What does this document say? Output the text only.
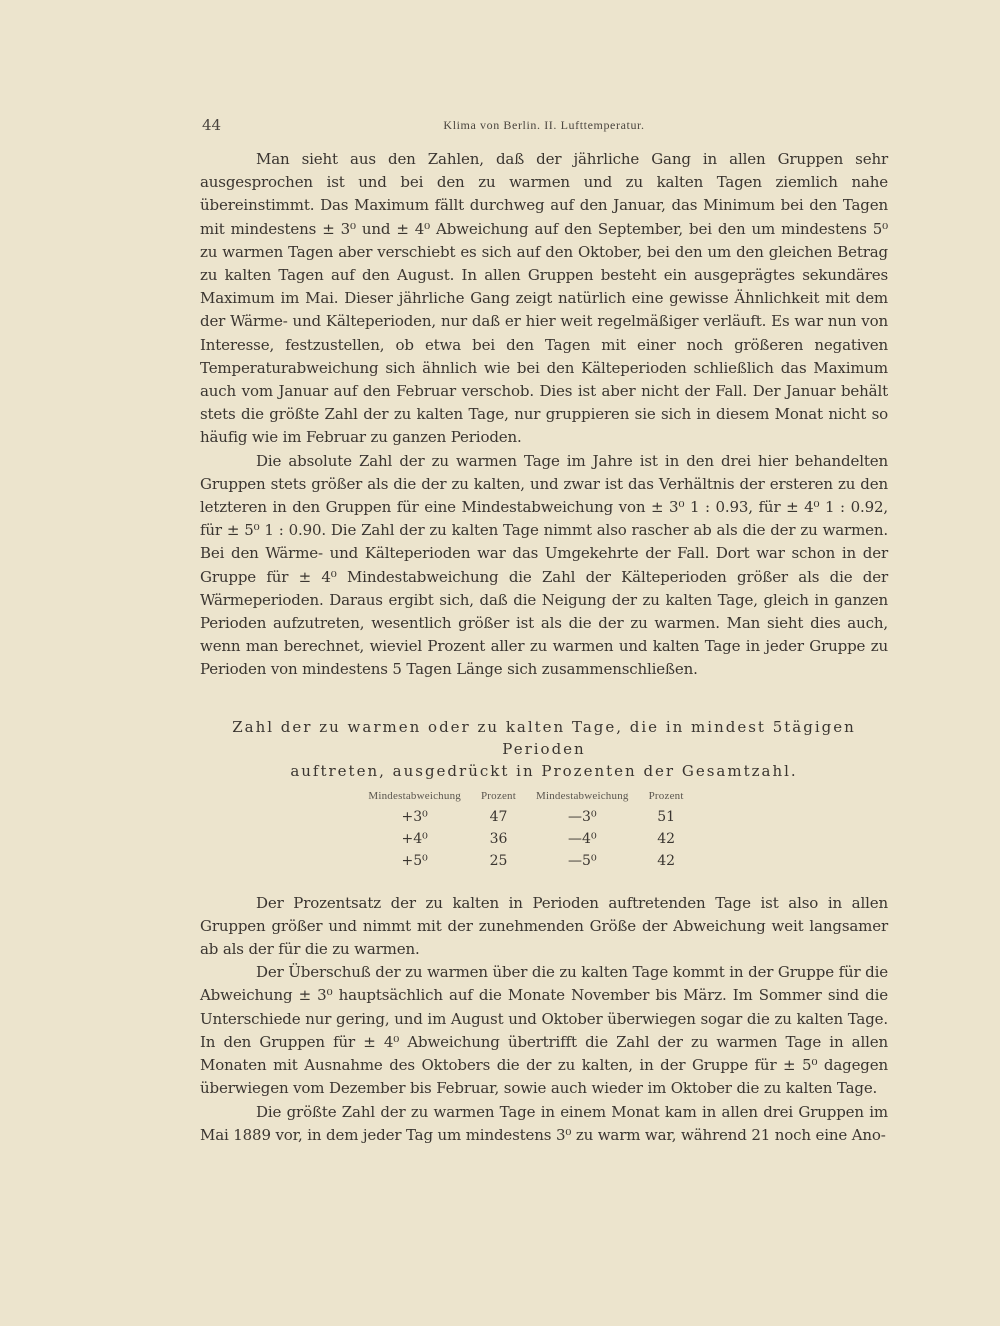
44	Klima von Berlin. II. Lufttemperatur.

Man sieht aus den Zahlen, daß der jährliche Gang in allen Gruppen sehr ausgesprochen ist und bei den zu warmen und zu kalten Tagen ziemlich nahe übereinstimmt. Das Maximum fällt durchweg auf den Januar, das Minimum bei den Tagen mit mindestens ± 3⁰ und ± 4⁰ Abweichung auf den September, bei den um mindestens 5⁰ zu warmen Tagen aber verschiebt es sich auf den Oktober, bei den um den gleichen Betrag zu kalten Tagen auf den August. In allen Gruppen besteht ein ausgeprägtes sekundäres Maximum im Mai. Dieser jährliche Gang zeigt natürlich eine gewisse Ähnlichkeit mit dem der Wärme- und Kälteperioden, nur daß er hier weit regelmäßiger verläuft. Es war nun von Interesse, festzustellen, ob etwa bei den Tagen mit einer noch größeren negativen Temperaturabweichung sich ähnlich wie bei den Kälteperioden schließlich das Maximum auch vom Januar auf den Februar verschob. Dies ist aber nicht der Fall. Der Januar behält stets die größte Zahl der zu kalten Tage, nur gruppieren sie sich in diesem Monat nicht so häufig wie im Februar zu ganzen Perioden.

Die absolute Zahl der zu warmen Tage im Jahre ist in den drei hier behandelten Gruppen stets größer als die der zu kalten, und zwar ist das Verhältnis der ersteren zu den letzteren in den Gruppen für eine Mindestabweichung von ± 3⁰ 1 : 0.93, für ± 4⁰ 1 : 0.92, für ± 5⁰ 1 : 0.90. Die Zahl der zu kalten Tage nimmt also rascher ab als die der zu warmen. Bei den Wärme- und Kälteperioden war das Umgekehrte der Fall. Dort war schon in der Gruppe für ± 4⁰ Mindestabweichung die Zahl der Kälteperioden größer als die der Wärmeperioden. Daraus ergibt sich, daß die Neigung der zu kalten Tage, gleich in ganzen Perioden aufzutreten, wesentlich größer ist als die der zu warmen. Man sieht dies auch, wenn man berechnet, wieviel Prozent aller zu warmen und kalten Tage in jeder Gruppe zu Perioden von mindestens 5 Tagen Länge sich zusammenschließen.

Zahl der zu warmen oder zu kalten Tage, die in mindest 5tägigen Perioden
auftreten, ausgedrückt in Prozenten der Gesamtzahl.
Mindestabweichung	Prozent	Mindestabweichung	Prozent
+3⁰	47	—3⁰	51
+4⁰	36	—4⁰	42
+5⁰	25	—5⁰	42

Der Prozentsatz der zu kalten in Perioden auftretenden Tage ist also in allen Gruppen größer und nimmt mit der zunehmenden Größe der Abweichung weit langsamer ab als der für die zu warmen.

Der Überschuß der zu warmen über die zu kalten Tage kommt in der Gruppe für die Abweichung ± 3⁰ hauptsächlich auf die Monate November bis März. Im Sommer sind die Unterschiede nur gering, und im August und Oktober überwiegen sogar die zu kalten Tage. In den Gruppen für ± 4⁰ Abweichung übertrifft die Zahl der zu warmen Tage in allen Monaten mit Ausnahme des Oktobers die der zu kalten, in der Gruppe für ± 5⁰ dagegen überwiegen vom Dezember bis Februar, sowie auch wieder im Oktober die zu kalten Tage.

Die größte Zahl der zu warmen Tage in einem Monat kam in allen drei Gruppen im Mai 1889 vor, in dem jeder Tag um mindestens 3⁰ zu warm war, während 21 noch eine Ano-
